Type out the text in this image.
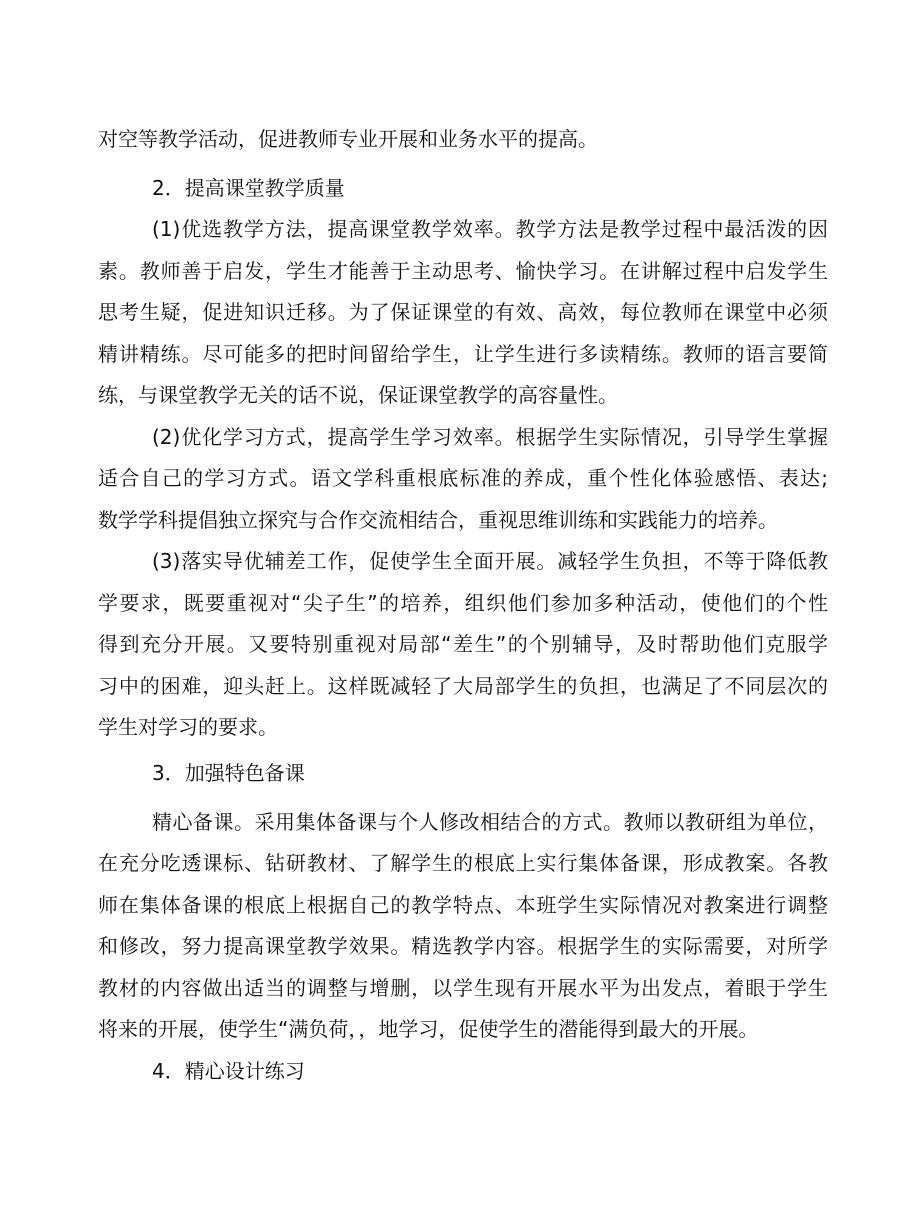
对空等教学活动，促进教师专业开展和业务水平的提高。
2．提高课堂教学质量
(1)优选教学方法，提高课堂教学效率。教学方法是教学过程中最活泼的因
素。教师善于启发，学生才能善于主动思考、愉快学习。在讲解过程中启发学生
思考生疑，促进知识迁移。为了保证课堂的有效、高效，每位教师在课堂中必须
精讲精练。尽可能多的把时间留给学生，让学生进行多读精练。教师的语言要简
练，与课堂教学无关的话不说，保证课堂教学的高容量性。
(2)优化学习方式，提高学生学习效率。根据学生实际情况，引导学生掌握
适合自己的学习方式。语文学科重根底标准的养成，重个性化体验感悟、表达;
数学学科提倡独立探究与合作交流相结合，重视思维训练和实践能力的培养。
(3)落实导优辅差工作，促使学生全面开展。减轻学生负担，不等于降低教
学要求，既要重视对“尖子生”的培养，组织他们参加多种活动，使他们的个性
得到充分开展。又要特别重视对局部“差生”的个别辅导，及时帮助他们克服学
习中的困难，迎头赶上。这样既减轻了大局部学生的负担，也满足了不同层次的
学生对学习的要求。
3．加强特色备课
精心备课。采用集体备课与个人修改相结合的方式。教师以教研组为单位，
在充分吃透课标、钻研教材、了解学生的根底上实行集体备课，形成教案。各教
师在集体备课的根底上根据自己的教学特点、本班学生实际情况对教案进行调整
和修改，努力提高课堂教学效果。精选教学内容。根据学生的实际需要，对所学
教材的内容做出适当的调整与增删，以学生现有开展水平为出发点，着眼于学生
将来的开展，使学生“满负荷，，地学习，促使学生的潜能得到最大的开展。
4．精心设计练习
